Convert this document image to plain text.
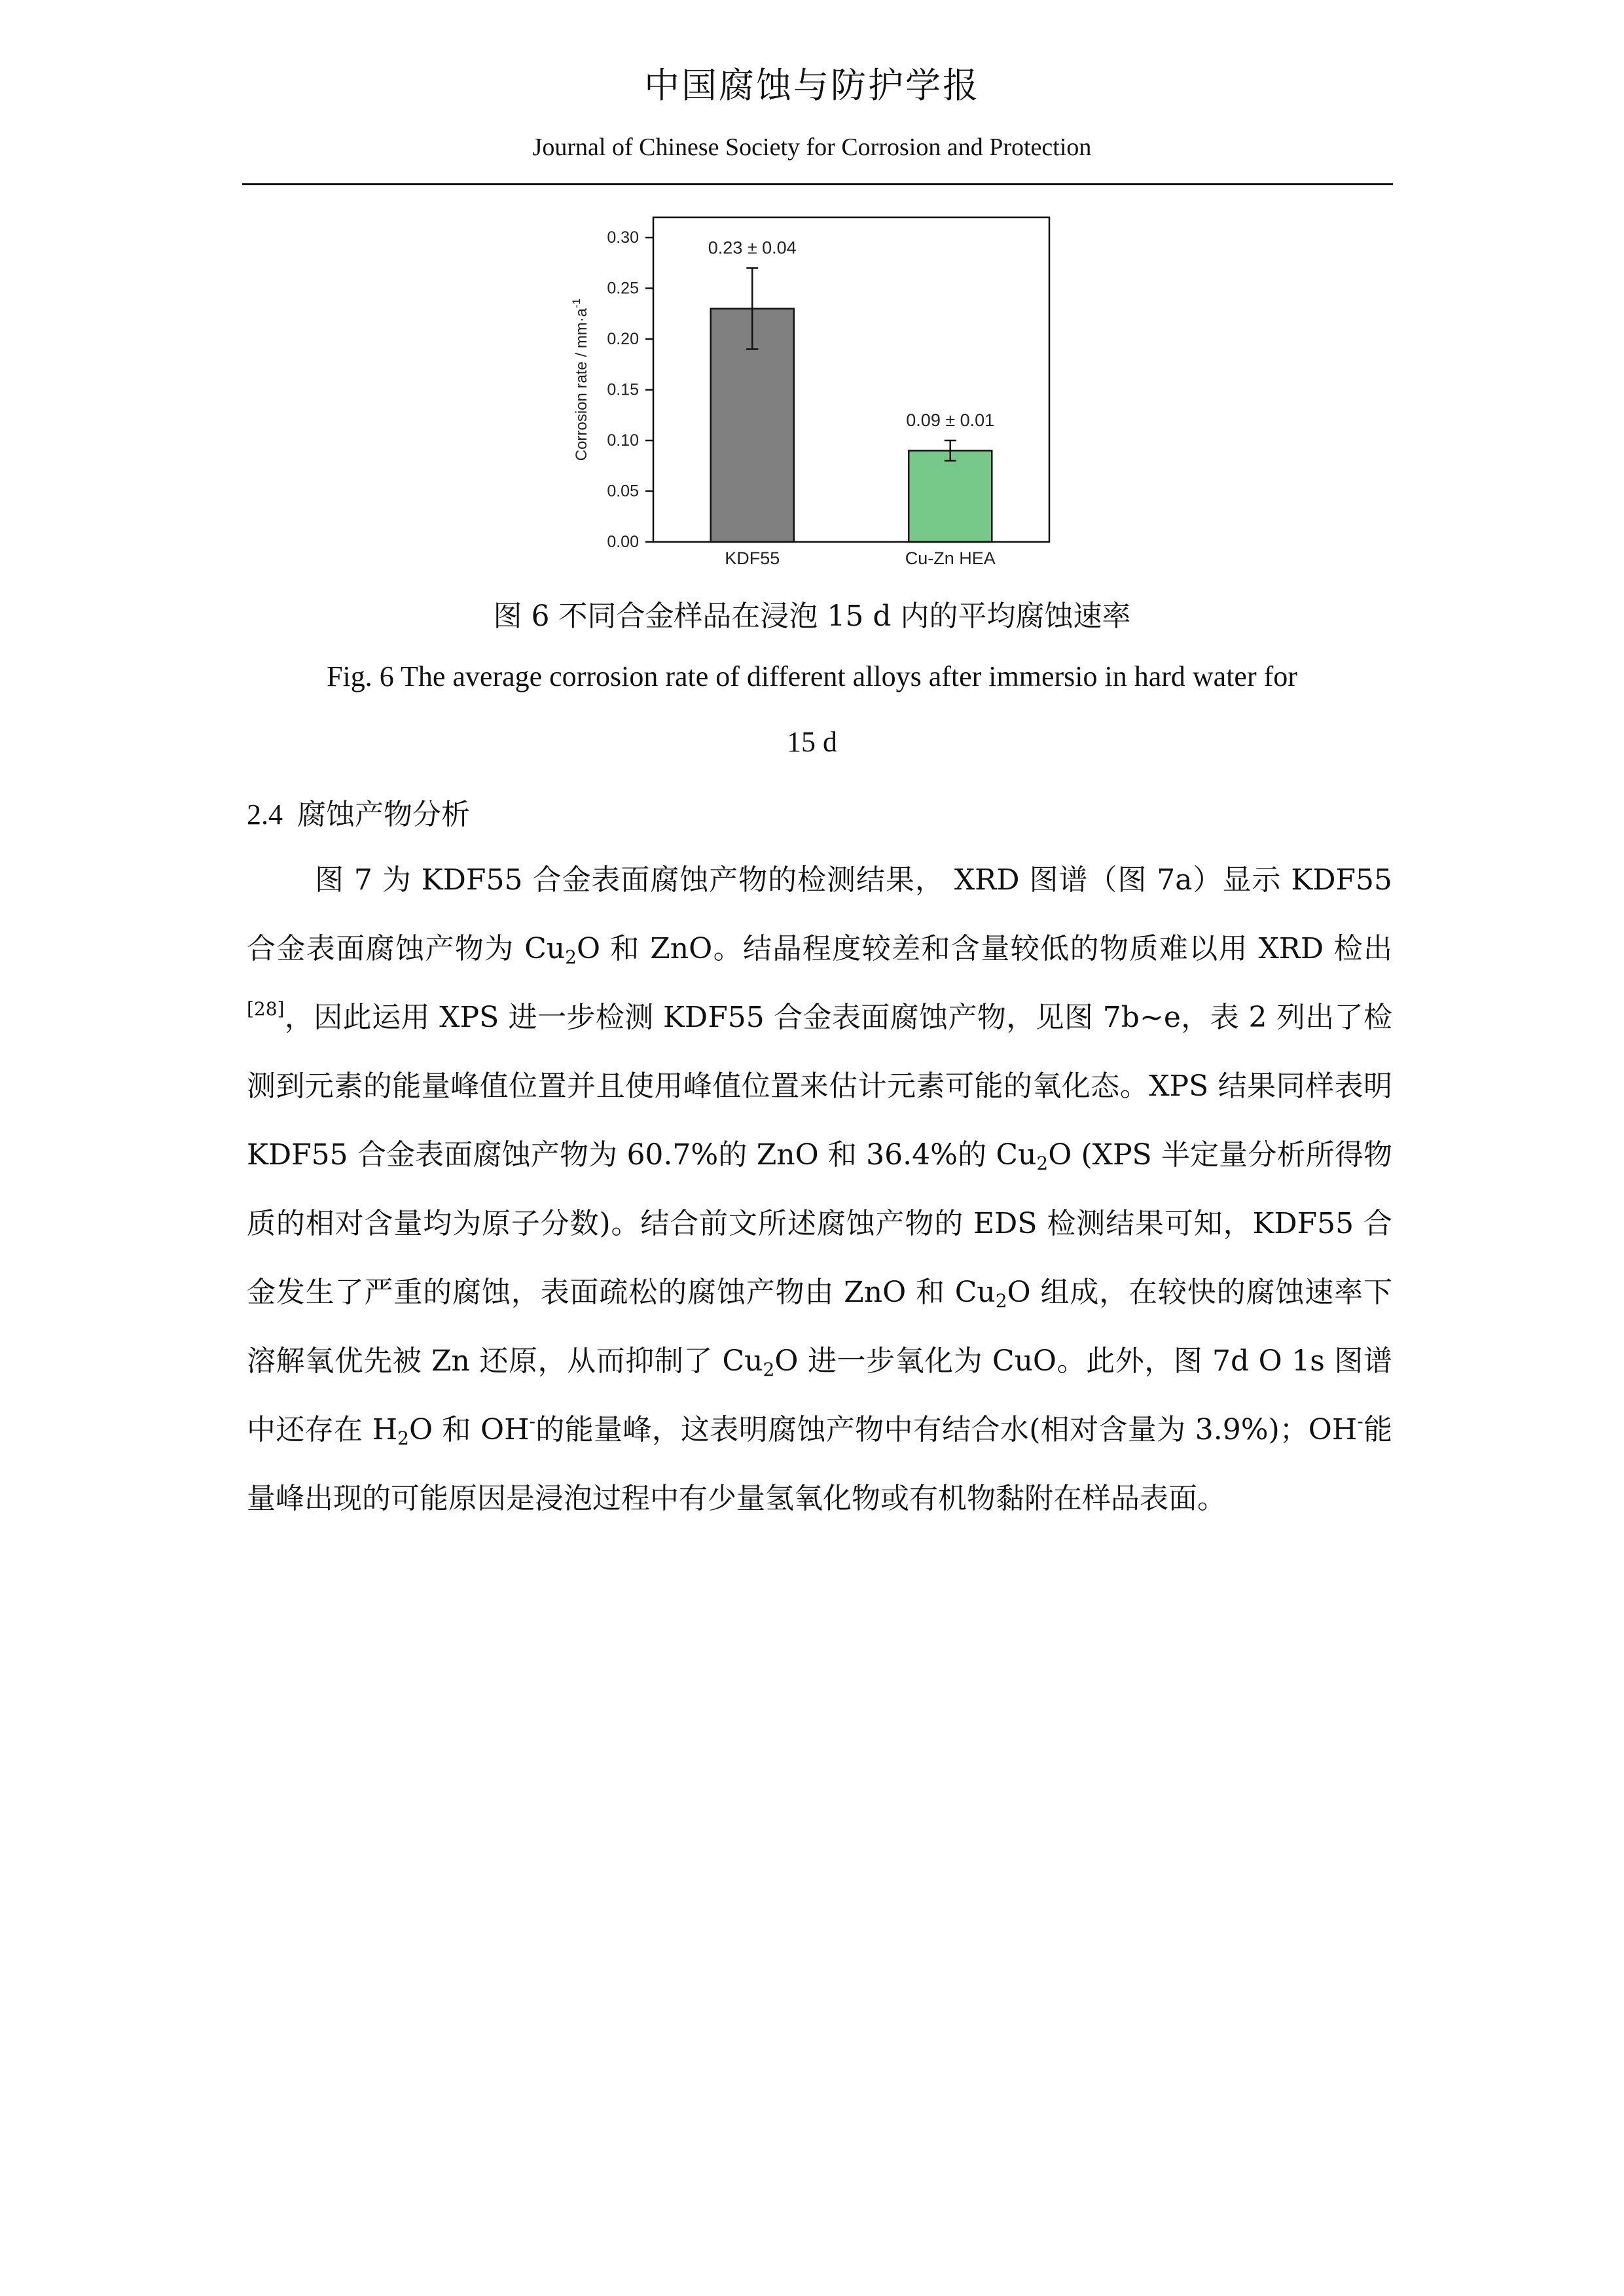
中国腐蚀与防护学报
Journal of Chinese Society for Corrosion and Protection
Corrosion rate / $mm\cdot a^{-1}$
0.00
0.05
0.10
0.15
0.20
0.25
0.30
0.23 ± 0.04
0.09 ± 0.01
KDF55	Cu-Zn HEA
图 6 不同合金样品在浸泡 15 d 内的平均腐蚀速率
Fig. 6 The average corrosion rate of different alloys after immersio in hard water for
15 d
2.4 腐蚀产物分析
图 7 为 KDF55 合金表面腐蚀产物的检测结果， XRD 图谱（图 7a）显示 KDF55 合金表面腐蚀产物为 $Cu_2O$ 和 ZnO。结晶程度较差和含量较低的物质难以用 XRD 检出[28]，因此运用 XPS 进一步检测 KDF55 合金表面腐蚀产物，见图 7b~e，表 2 列出了检测到元素的能量峰值位置并且使用峰值位置来估计元素可能的氧化态。XPS 结果同样表明 KDF55 合金表面腐蚀产物为 60.7%的 ZnO 和 36.4%的 $Cu_2O$ (XPS 半定量分析所得物质的相对含量均为原子分数)。结合前文所述腐蚀产物的 EDS 检测结果可知，KDF55 合金发生了严重的腐蚀，表面疏松的腐蚀产物由 ZnO 和 $Cu_2O$ 组成，在较快的腐蚀速率下溶解氧优先被 Zn 还原，从而抑制了 $Cu_2O$ 进一步氧化为 CuO。此外，图 7d O 1s 图谱中还存在 $H_2O$ 和 OH-的能量峰，这表明腐蚀产物中有结合水(相对含量为 3.9%)；OH-能量峰出现的可能原因是浸泡过程中有少量氢氧化物或有机物黏附在样品表面。
